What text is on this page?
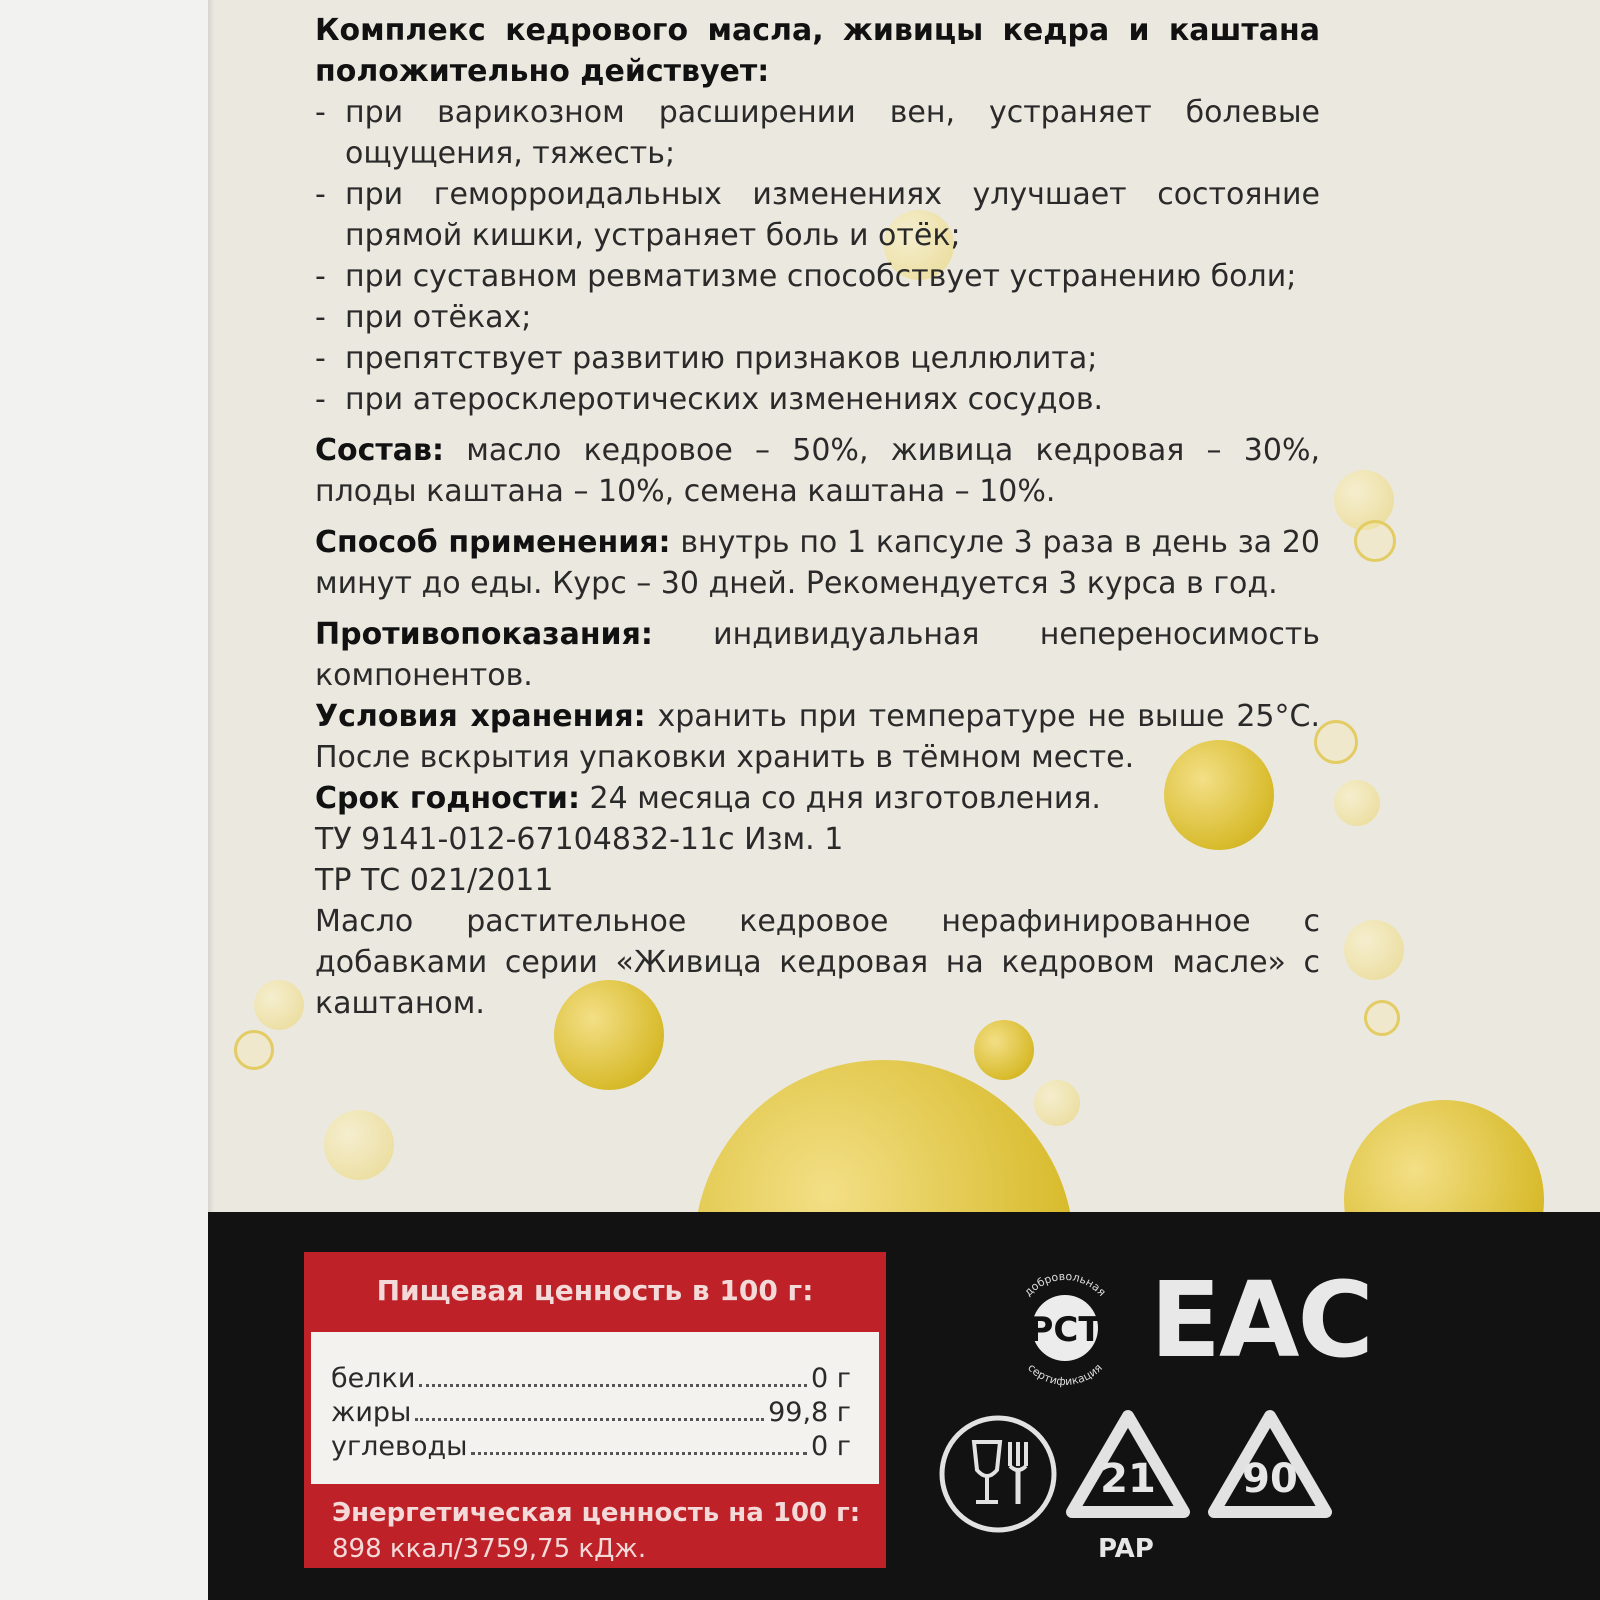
Комплекс кедрового масла, живицы кедра и каштана положительно действует:

- при варикозном расширении вен, устраняет болевые ощущения, тяжесть;
- при геморроидальных изменениях улучшает состояние прямой кишки, устраняет боль и отёк;
- при суставном ревматизме способствует устранению боли;
- при отёках;
- препятствует развитию признаков целлюлита;
- при атеросклеротических изменениях сосудов.

Состав: масло кедровое – 50%, живица кедровая – 30%, плоды каштана – 10%, семена каштана – 10%.

Способ применения: внутрь по 1 капсуле 3 раза в день за 20 минут до еды. Курс – 30 дней. Рекомендуется 3 курса в год.

Противопоказания: индивидуальная непереносимость компонентов.

Условия хранения: хранить при температуре не выше 25°С. После вскрытия упаковки хранить в тёмном месте.

Срок годности: 24 месяца со дня изготовления.

ТУ 9141-012-67104832-11с Изм. 1

ТР ТС 021/2011

Масло растительное кедровое нерафинированное с добавками серии «Живица кедровая на кедровом масле» с каштаном.

Пищевая ценность в 100 г:
белки	0 г
жиры	99,8 г
углеводы	0 г
Энергетическая ценность на 100 г:
898 ккал/3759,75 кДж.
добровольная
сертификация
РСТ ЕАС
21 90
PAP
